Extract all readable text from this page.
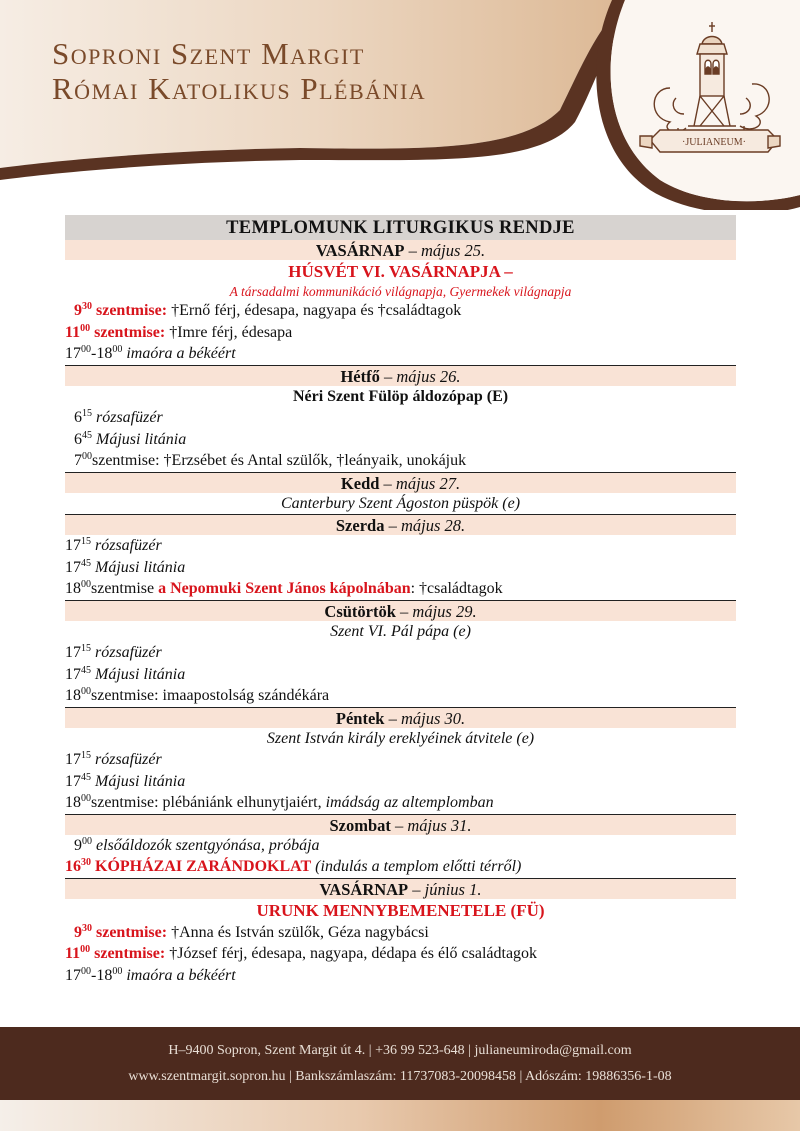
Soproni Szent Margit
Római Katolikus Plébánia
·JULIANEUM·
TEMPLOMUNK LITURGIKUS RENDJE
VASÁRNAP – május 25.
HÚSVÉT VI. VASÁRNAPJA –
A társadalmi kommunikáció világnapja, Gyermekek világnapja
$9^{30}$ szentmise: †Ernő férj, édesapa, nagyapa és †családtagok
$11^{00}$ szentmise: †Imre férj, édesapa
$17^{00}-18^{00}$ imaóra a békéért
Hétfő – május 26.
Néri Szent Fülöp áldozópap (E)
$6^{15}$ rózsafüzér
$6^{45}$ Májusi litánia
$7^{00}szentmise$: †Erzsébet és Antal szülők, †leányaik, unokájuk
Kedd – május 27.
Canterbury Szent Ágoston püspök (e)
Szerda – május 28.
$17^{15}$ rózsafüzér
$17^{45}$ Májusi litánia
$18^{00}szentmise$ a Nepomuki Szent János kápolnában: †családtagok
Csütörtök – május 29.
Szent VI. Pál pápa (e)
$17^{15}$ rózsafüzér
$17^{45}$ Májusi litánia
$18^{00}szentmise$: imaapostolság szándékára
Péntek – május 30.
Szent István király ereklyéinek átvitele (e)
$17^{15}$ rózsafüzér
$17^{45}$ Májusi litánia
$18^{00}szentmise$: plébániánk elhunytjaiért, imádság az altemplomban
Szombat – május 31.
$9^{00}$ elsőáldozók szentgyónása, próbája
$16^{30}$ KÓPHÁZAI ZARÁNDOKLAT (indulás a templom előtti térről)
VASÁRNAP – június 1.
URUNK MENNYBEMENETELE (FÜ)
$9^{30}$ szentmise: †Anna és István szülők, Géza nagybácsi
$11^{00}$ szentmise: †József férj, édesapa, nagyapa, dédapa és élő családtagok
$17^{00}-18^{00}$ imaóra a békéért
H–9400 Sopron, Szent Margit út 4. | +36 99 523-648 | julianeumiroda@gmail.com
www.szentmargit.sopron.hu | Bankszámlaszám: 11737083-20098458 | Adószám: 19886356-1-08
